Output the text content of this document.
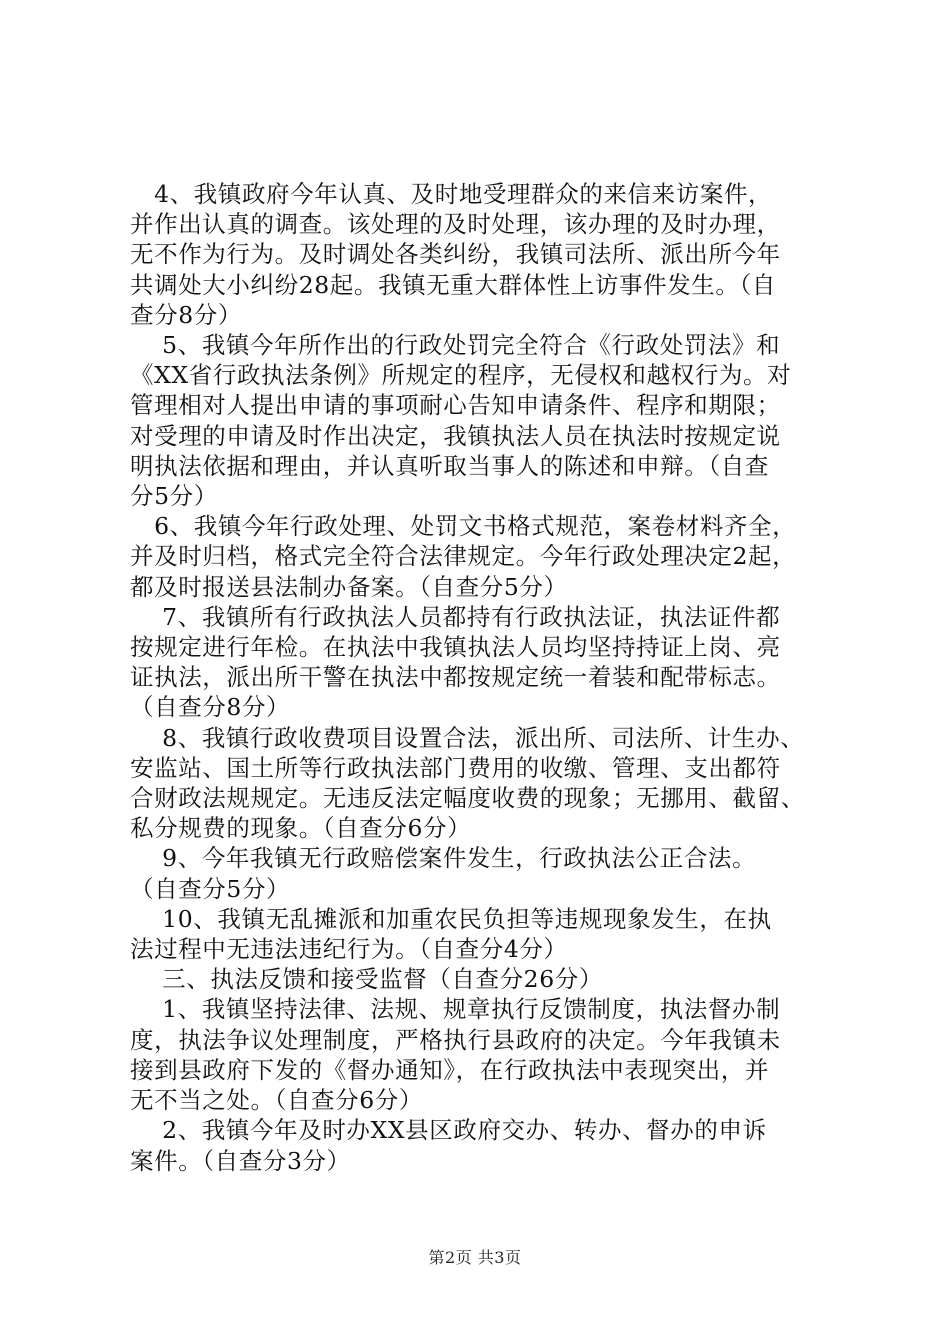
　4、我镇政府今年认真、及时地受理群众的来信来访案件，
并作出认真的调查。该处理的及时处理，该办理的及时办理，
无不作为行为。及时调处各类纠纷，我镇司法所、派出所今年
共调处大小纠纷28起。我镇无重大群体性上访事件发生。（自
查分8分）
　 5、我镇今年所作出的行政处罚完全符合《行政处罚法》和
《XX省行政执法条例》所规定的程序，无侵权和越权行为。对
管理相对人提出申请的事项耐心告知申请条件、程序和期限；
对受理的申请及时作出决定，我镇执法人员在执法时按规定说
明执法依据和理由，并认真听取当事人的陈述和申辩。（自查
分5分）
　6、我镇今年行政处理、处罚文书格式规范，案卷材料齐全，
并及时归档，格式完全符合法律规定。今年行政处理决定2起，
都及时报送县法制办备案。（自查分5分）
　 7、我镇所有行政执法人员都持有行政执法证，执法证件都
按规定进行年检。在执法中我镇执法人员均坚持持证上岗、亮
证执法，派出所干警在执法中都按规定统一着装和配带标志。
（自查分8分）
　 8、我镇行政收费项目设置合法，派出所、司法所、计生办、
安监站、国土所等行政执法部门费用的收缴、管理、支出都符
合财政法规规定。无违反法定幅度收费的现象；无挪用、截留、
私分规费的现象。（自查分6分）
　 9、今年我镇无行政赔偿案件发生，行政执法公正合法。
（自查分5分）
　 10、我镇无乱摊派和加重农民负担等违规现象发生，在执
法过程中无违法违纪行为。（自查分4分）
　 三、执法反馈和接受监督（自查分26分）
　 1、我镇坚持法律、法规、规章执行反馈制度，执法督办制
度，执法争议处理制度，严格执行县政府的决定。今年我镇未
接到县政府下发的《督办通知》，在行政执法中表现突出，并
无不当之处。（自查分6分）
　 2、我镇今年及时办XX县区政府交办、转办、督办的申诉
案件。（自查分3分）
第2页 共3页
